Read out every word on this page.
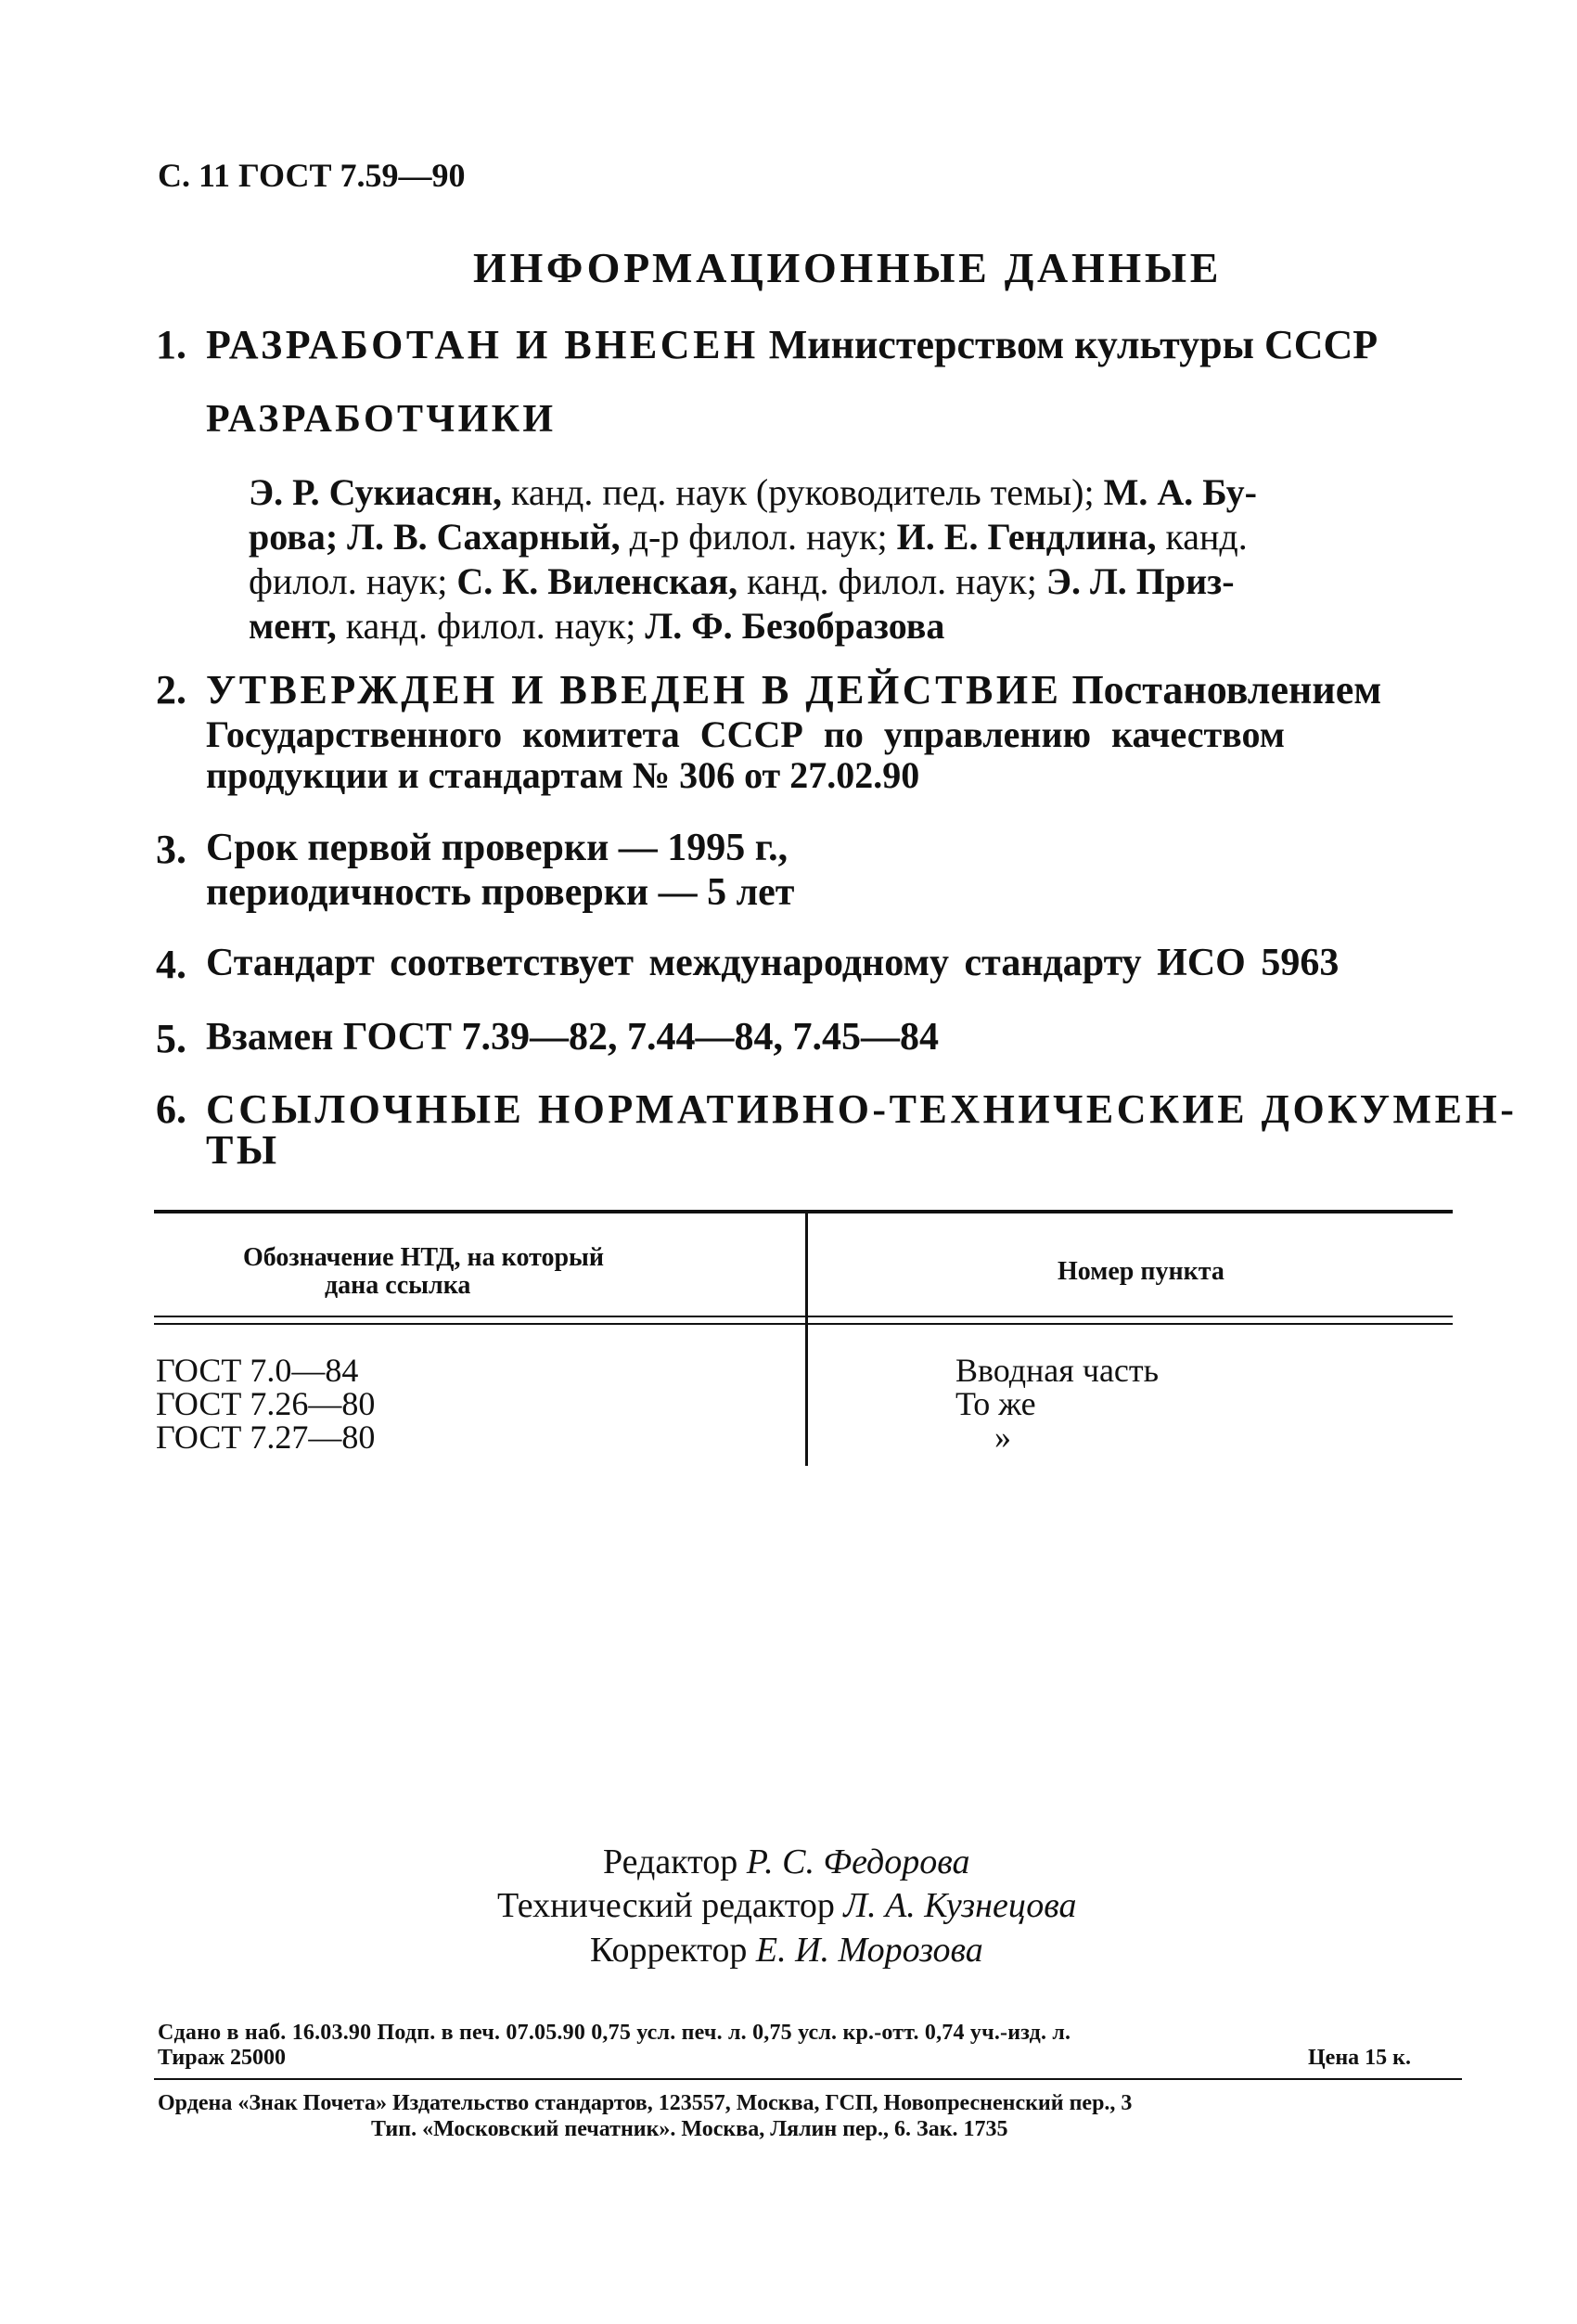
С. 11 ГОСТ 7.59—90
ИНФОРМАЦИОННЫЕ ДАННЫЕ
1. РАЗРАБОТАН И ВНЕСЕН Министерством культуры СССР
РАЗРАБОТЧИКИ
Э. Р. Сукиасян, канд. пед. наук (руководитель темы); М. А. Бу-
рова; Л. В. Сахарный, д-р филол. наук; И. Е. Гендлина, канд.
филол. наук; С. К. Виленская, канд. филол. наук; Э. Л. Приз-
мент, канд. филол. наук; Л. Ф. Безобразова
2. УТВЕРЖДЕН И ВВЕДЕН В ДЕЙСТВИЕ Постановлением
Государственного комитета СССР по управлению качеством
продукции и стандартам № 306 от 27.02.90
3. Срок первой проверки — 1995 г.,
периодичность проверки — 5 лет
4. Стандарт соответствует международному стандарту ИСО 5963
5. Взамен ГОСТ 7.39—82, 7.44—84, 7.45—84
6. ССЫЛОЧНЫЕ НОРМАТИВНО-ТЕХНИЧЕСКИЕ ДОКУМЕН-
ТЫ
Обозначение НТД, на который
дана ссылка	Номер пункта
ГОСТ 7.0—84
ГОСТ 7.26—80
ГОСТ 7.27—80
Вводная часть
То же
»
Редактор Р. С. Федорова
Технический редактор Л. А. Кузнецова
Корректор Е. И. Морозова
Сдано в наб. 16.03.90 Подп. в печ. 07.05.90 0,75 усл. печ. л. 0,75 усл. кр.-отт. 0,74 уч.-изд. л.
Тираж 25000	Цена 15 к.
Ордена «Знак Почета» Издательство стандартов, 123557, Москва, ГСП, Новопресненский пер., 3
Тип. «Московский печатник». Москва, Лялин пер., 6. Зак. 1735
